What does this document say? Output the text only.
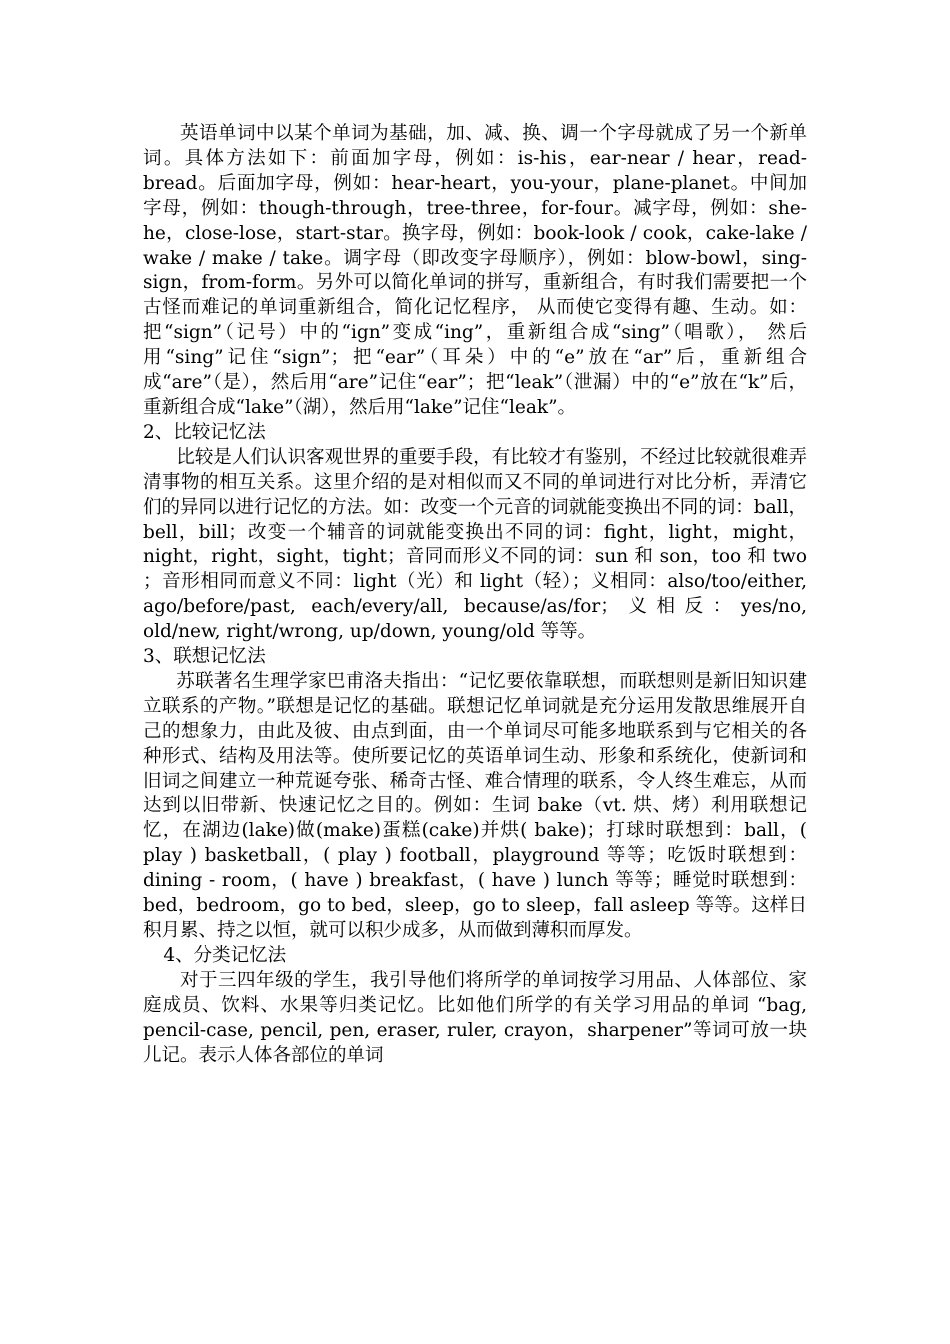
英语单词中以某个单词为基础，加、减、换、调一个字母就成了另一个新单词。具体方法如下：前面加字母，例如：is-his，ear-near / hear，read-bread。后面加字母，例如：hear-heart，you-your，plane-planet。中间加字母，例如：though-through，tree-three，for-four。减字母，例如：she-he，close-lose，start-star。换字母，例如：book-look / cook，cake-lake / wake / make / take。调字母（即改变字母顺序），例如：blow-bowl，sing-sign，from-form。另外可以简化单词的拼写，重新组合，有时我们需要把一个古怪而难记的单词重新组合，简化记忆程序， 从而使它变得有趣、生动。如：把“sign”（记号）中的“ign”变成“ing”，重新组合成“sing”（唱歌）， 然后用“sing”记住“sign”；把“ear”（耳朵）中的“e”放在“ar”后，重新组合成“are”（是），然后用“are”记住“ear”；把“leak”（泄漏）中的“e”放在“k”后，重新组合成“lake”（湖），然后用“lake”记住“leak”。

2、比较记忆法

比较是人们认识客观世界的重要手段，有比较才有鉴别，不经过比较就很难弄清事物的相互关系。这里介绍的是对相似而又不同的单词进行对比分析，弄清它们的异同以进行记忆的方法。如：改变一个元音的词就能变换出不同的词：ball，bell，bill；改变一个辅音的词就能变换出不同的词：fight，light，might，night，right，sight，tight；音同而形义不同的词：sun 和 son，too 和 two ；音形相同而意义不同：light（光）和 light（轻）；义相同：also/too/either, ago/before/past, each/every/all, because/as/for；义相反：yes/no, old/new, right/wrong, up/down, young/old 等等。

3、联想记忆法

苏联著名生理学家巴甫洛夫指出：“记忆要依靠联想，而联想则是新旧知识建立联系的产物。”联想是记忆的基础。联想记忆单词就是充分运用发散思维展开自己的想象力，由此及彼、由点到面，由一个单词尽可能多地联系到与它相关的各种形式、结构及用法等。使所要记忆的英语单词生动、形象和系统化，使新词和旧词之间建立一种荒诞夸张、稀奇古怪、难合情理的联系，令人终生难忘，从而达到以旧带新、快速记忆之目的。例如：生词 bake（vt. 烘、烤）利用联想记忆，在湖边(lake)做(make)蛋糕(cake)并烘( bake)；打球时联想到：ball，( play ) basketball，( play ) football，playground 等等；吃饭时联想到：dining - room，( have ) breakfast，( have ) lunch 等等；睡觉时联想到：bed，bedroom，go to bed，sleep，go to sleep，fall asleep 等等。这样日积月累、持之以恒，就可以积少成多，从而做到薄积而厚发。

4、分类记忆法

对于三四年级的学生，我引导他们将所学的单词按学习用品、人体部位、家庭成员、饮料、水果等归类记忆。比如他们所学的有关学习用品的单词 “bag, pencil-case, pencil, pen, eraser, ruler, crayon，sharpener”等词可放一块儿记。表示人体各部位的单词
